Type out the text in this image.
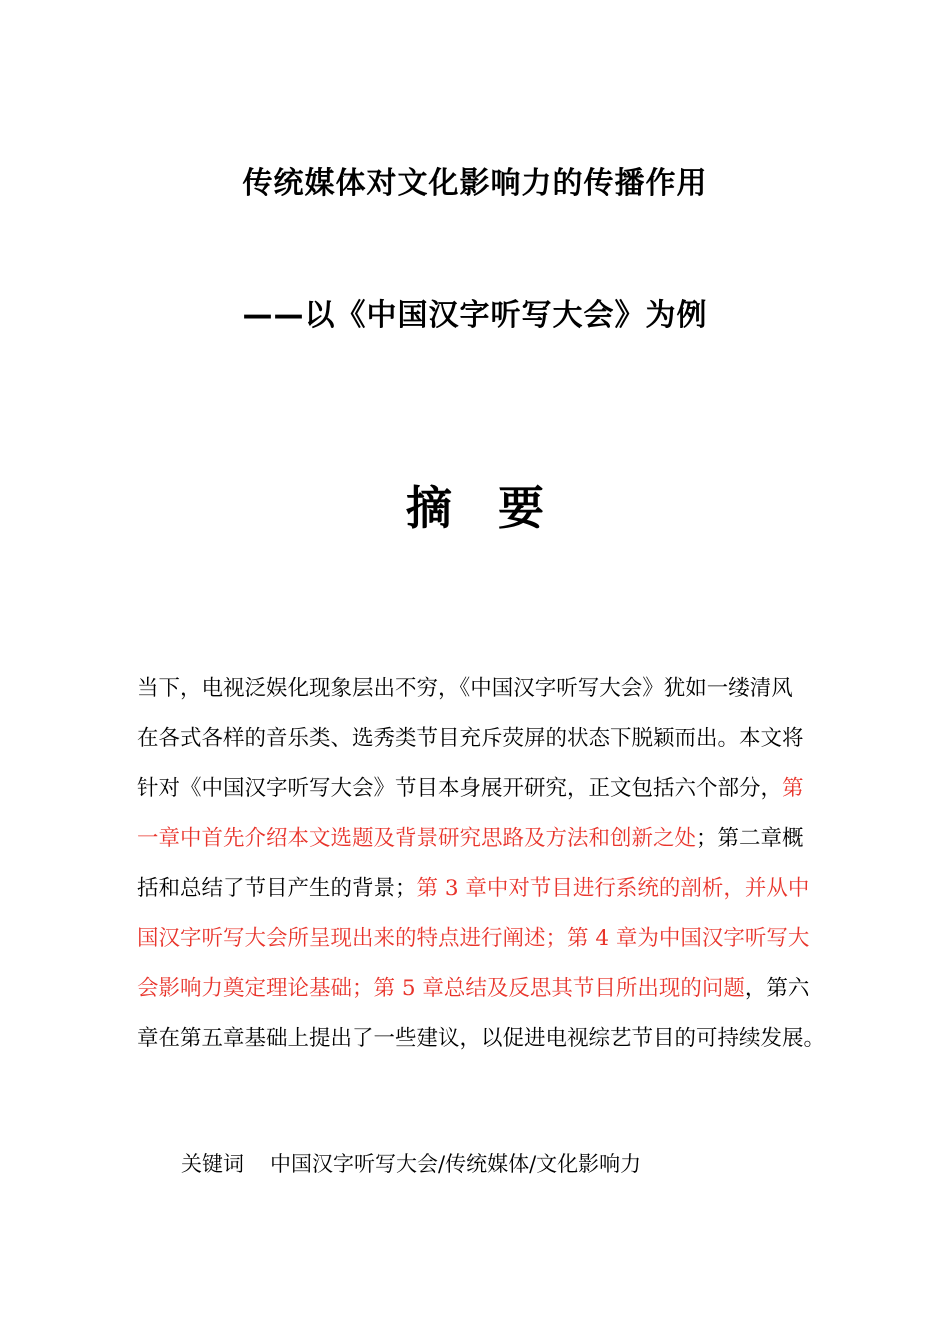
传统媒体对文化影响力的传播作用
——以《中国汉字听写大会》为例
摘要
当下，电视泛娱化现象层出不穷，《中国汉字听写大会》犹如一缕清风
在各式各样的音乐类、选秀类节目充斥荧屏的状态下脱颖而出。本文将
针对《中国汉字听写大会》节目本身展开研究，正文包括六个部分，第
一章中首先介绍本文选题及背景研究思路及方法和创新之处；第二章概
括和总结了节目产生的背景；第 3 章中对节目进行系统的剖析，并从中
国汉字听写大会所呈现出来的特点进行阐述；第 4 章为中国汉字听写大
会影响力奠定理论基础；第 5 章总结及反思其节目所出现的问题，第六
章在第五章基础上提出了一些建议，以促进电视综艺节目的可持续发展。
关键词 中国汉字听写大会/传统媒体/文化影响力
